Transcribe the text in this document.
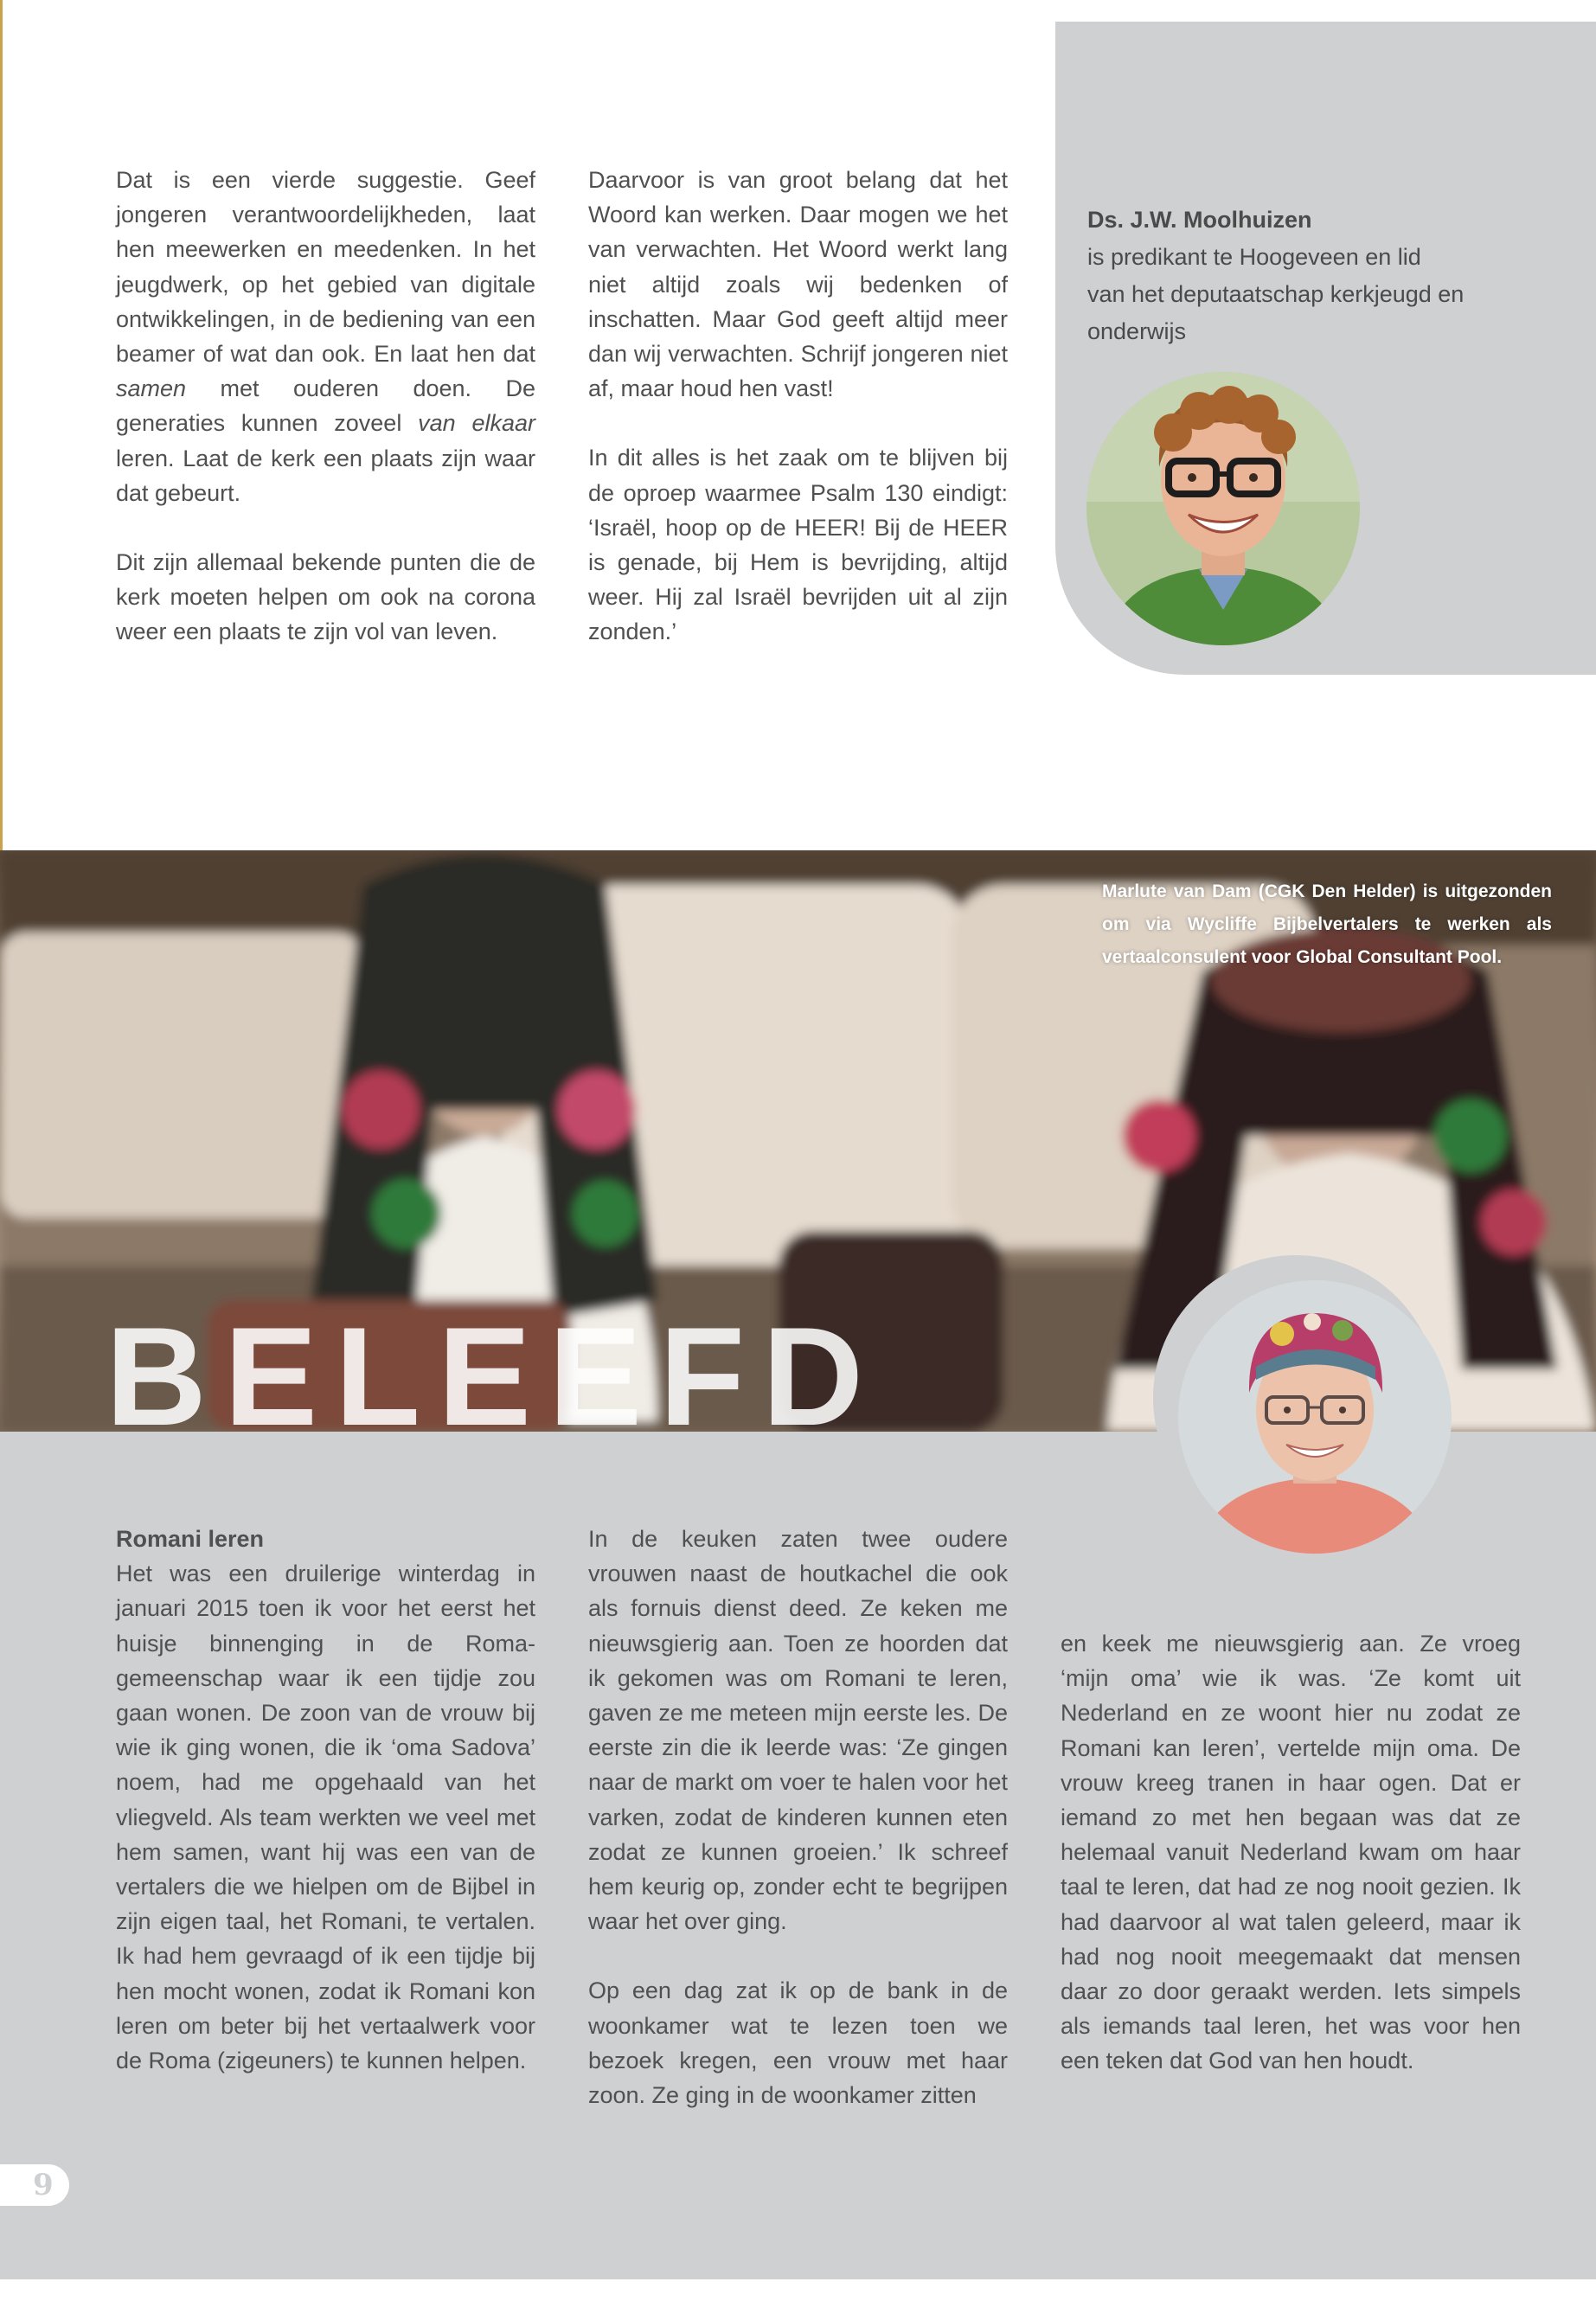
Dat is een vierde suggestie. Geef jongeren verantwoordelijkheden, laat hen meewerken en meedenken. In het jeugdwerk, op het gebied van digitale ontwikkelingen, in de bediening van een beamer of wat dan ook. En laat hen dat samen met ouderen doen. De generaties kunnen zoveel van elkaar leren. Laat de kerk een plaats zijn waar dat gebeurt.

Dit zijn allemaal bekende punten die de kerk moeten helpen om ook na corona weer een plaats te zijn vol van leven.

Daarvoor is van groot belang dat het Woord kan werken. Daar mogen we het van verwachten. Het Woord werkt lang niet altijd zoals wij bedenken of inschatten. Maar God geeft altijd meer dan wij verwachten. Schrijf jongeren niet af, maar houd hen vast!

In dit alles is het zaak om te blijven bij de oproep waarmee Psalm 130 eindigt: ‘Israël, hoop op de HEER! Bij de HEER is genade, bij Hem is bevrijding, altijd weer. Hij zal Israël bevrijden uit al zijn zonden.’

Ds. J.W. Moolhuizen
is predikant te Hoogeveen en lid
van het deputaatschap kerkjeugd en
onderwijs
Marlute van Dam (CGK Den Helder) is uitgezonden om via Wycliffe Bijbelvertalers te werken als vertaalconsulent voor Global Consultant Pool.
BELEEFD

Romani leren
Het was een druilerige winterdag in januari 2015 toen ik voor het eerst het huisje binnenging in de Roma-gemeenschap waar ik een tijdje zou gaan wonen. De zoon van de vrouw bij wie ik ging wonen, die ik ‘oma Sadova’ noem, had me opgehaald van het vliegveld. Als team werkten we veel met hem samen, want hij was een van de vertalers die we hielpen om de Bijbel in zijn eigen taal, het Romani, te vertalen. Ik had hem gevraagd of ik een tijdje bij hen mocht wonen, zodat ik Romani kon leren om beter bij het vertaalwerk voor de Roma (zigeuners) te kunnen helpen.

In de keuken zaten twee oudere vrouwen naast de houtkachel die ook als fornuis dienst deed. Ze keken me nieuwsgierig aan. Toen ze hoorden dat ik gekomen was om Romani te leren, gaven ze me meteen mijn eerste les. De eerste zin die ik leerde was: ‘Ze gingen naar de markt om voer te halen voor het varken, zodat de kinderen kunnen eten zodat ze kunnen groeien.’ Ik schreef hem keurig op, zonder echt te begrijpen waar het over ging.

Op een dag zat ik op de bank in de woonkamer wat te lezen toen we bezoek kregen, een vrouw met haar zoon. Ze ging in de woonkamer zitten

en keek me nieuwsgierig aan. Ze vroeg ‘mijn oma’ wie ik was. ‘Ze komt uit Nederland en ze woont hier nu zodat ze Romani kan leren’, vertelde mijn oma. De vrouw kreeg tranen in haar ogen. Dat er iemand zo met hen begaan was dat ze helemaal vanuit Nederland kwam om haar taal te leren, dat had ze nog nooit gezien. Ik had daarvoor al wat talen geleerd, maar ik had nog nooit meegemaakt dat mensen daar zo door geraakt werden. Iets simpels als iemands taal leren, het was voor hen een teken dat God van hen houdt.

9
